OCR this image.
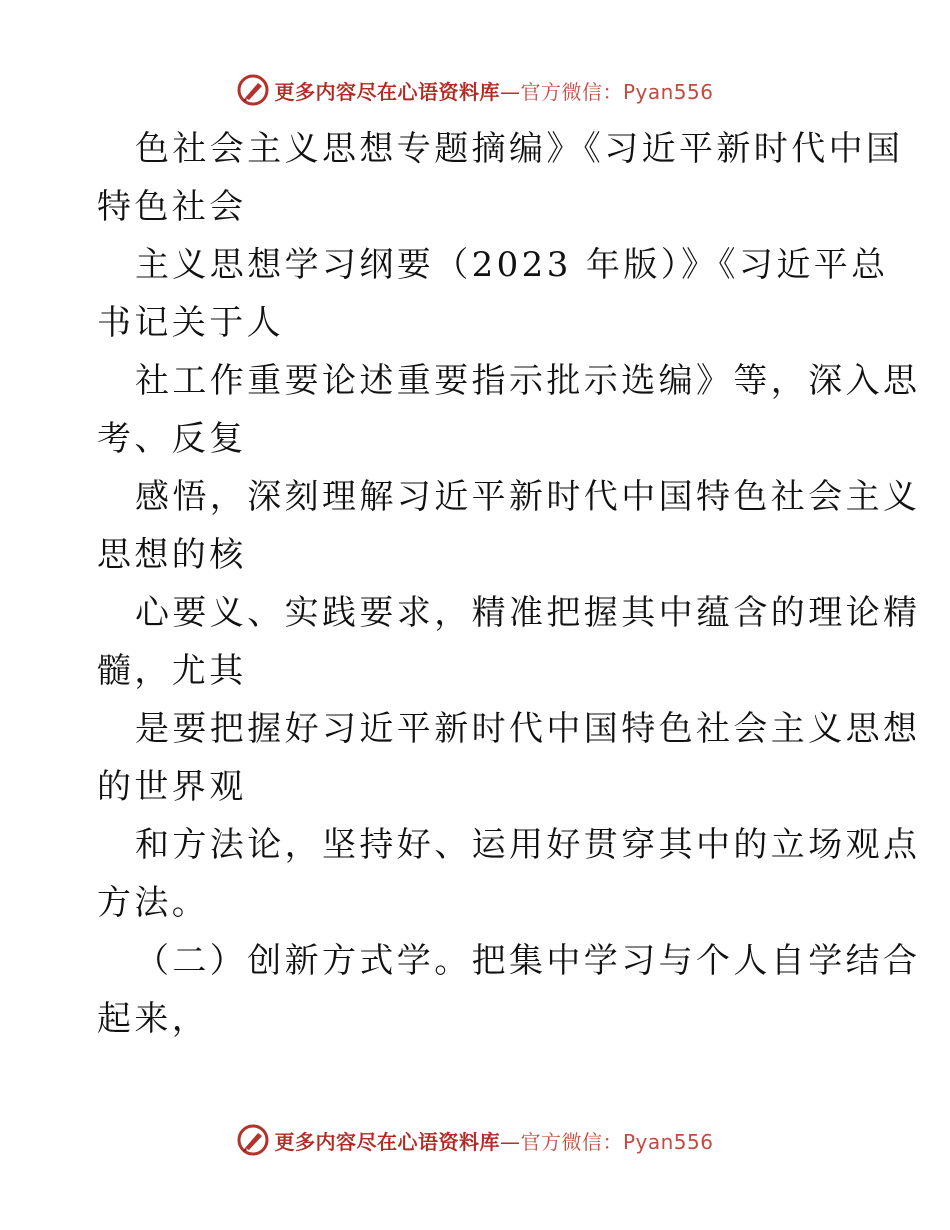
更多内容尽在心语资料库—官方微信：Pyan556
色社会主义思想专题摘编》《习近平新时代中国
特色社会
主义思想学习纲要（2023 年版）》《习近平总
书记关于人
社工作重要论述重要指示批示选编》等，深入思
考、反复
感悟，深刻理解习近平新时代中国特色社会主义
思想的核
心要义、实践要求，精准把握其中蕴含的理论精
髓，尤其
是要把握好习近平新时代中国特色社会主义思想
的世界观
和方法论，坚持好、运用好贯穿其中的立场观点
方法。
（二）创新方式学。把集中学习与个人自学结合
起来，
更多内容尽在心语资料库—官方微信：Pyan556
